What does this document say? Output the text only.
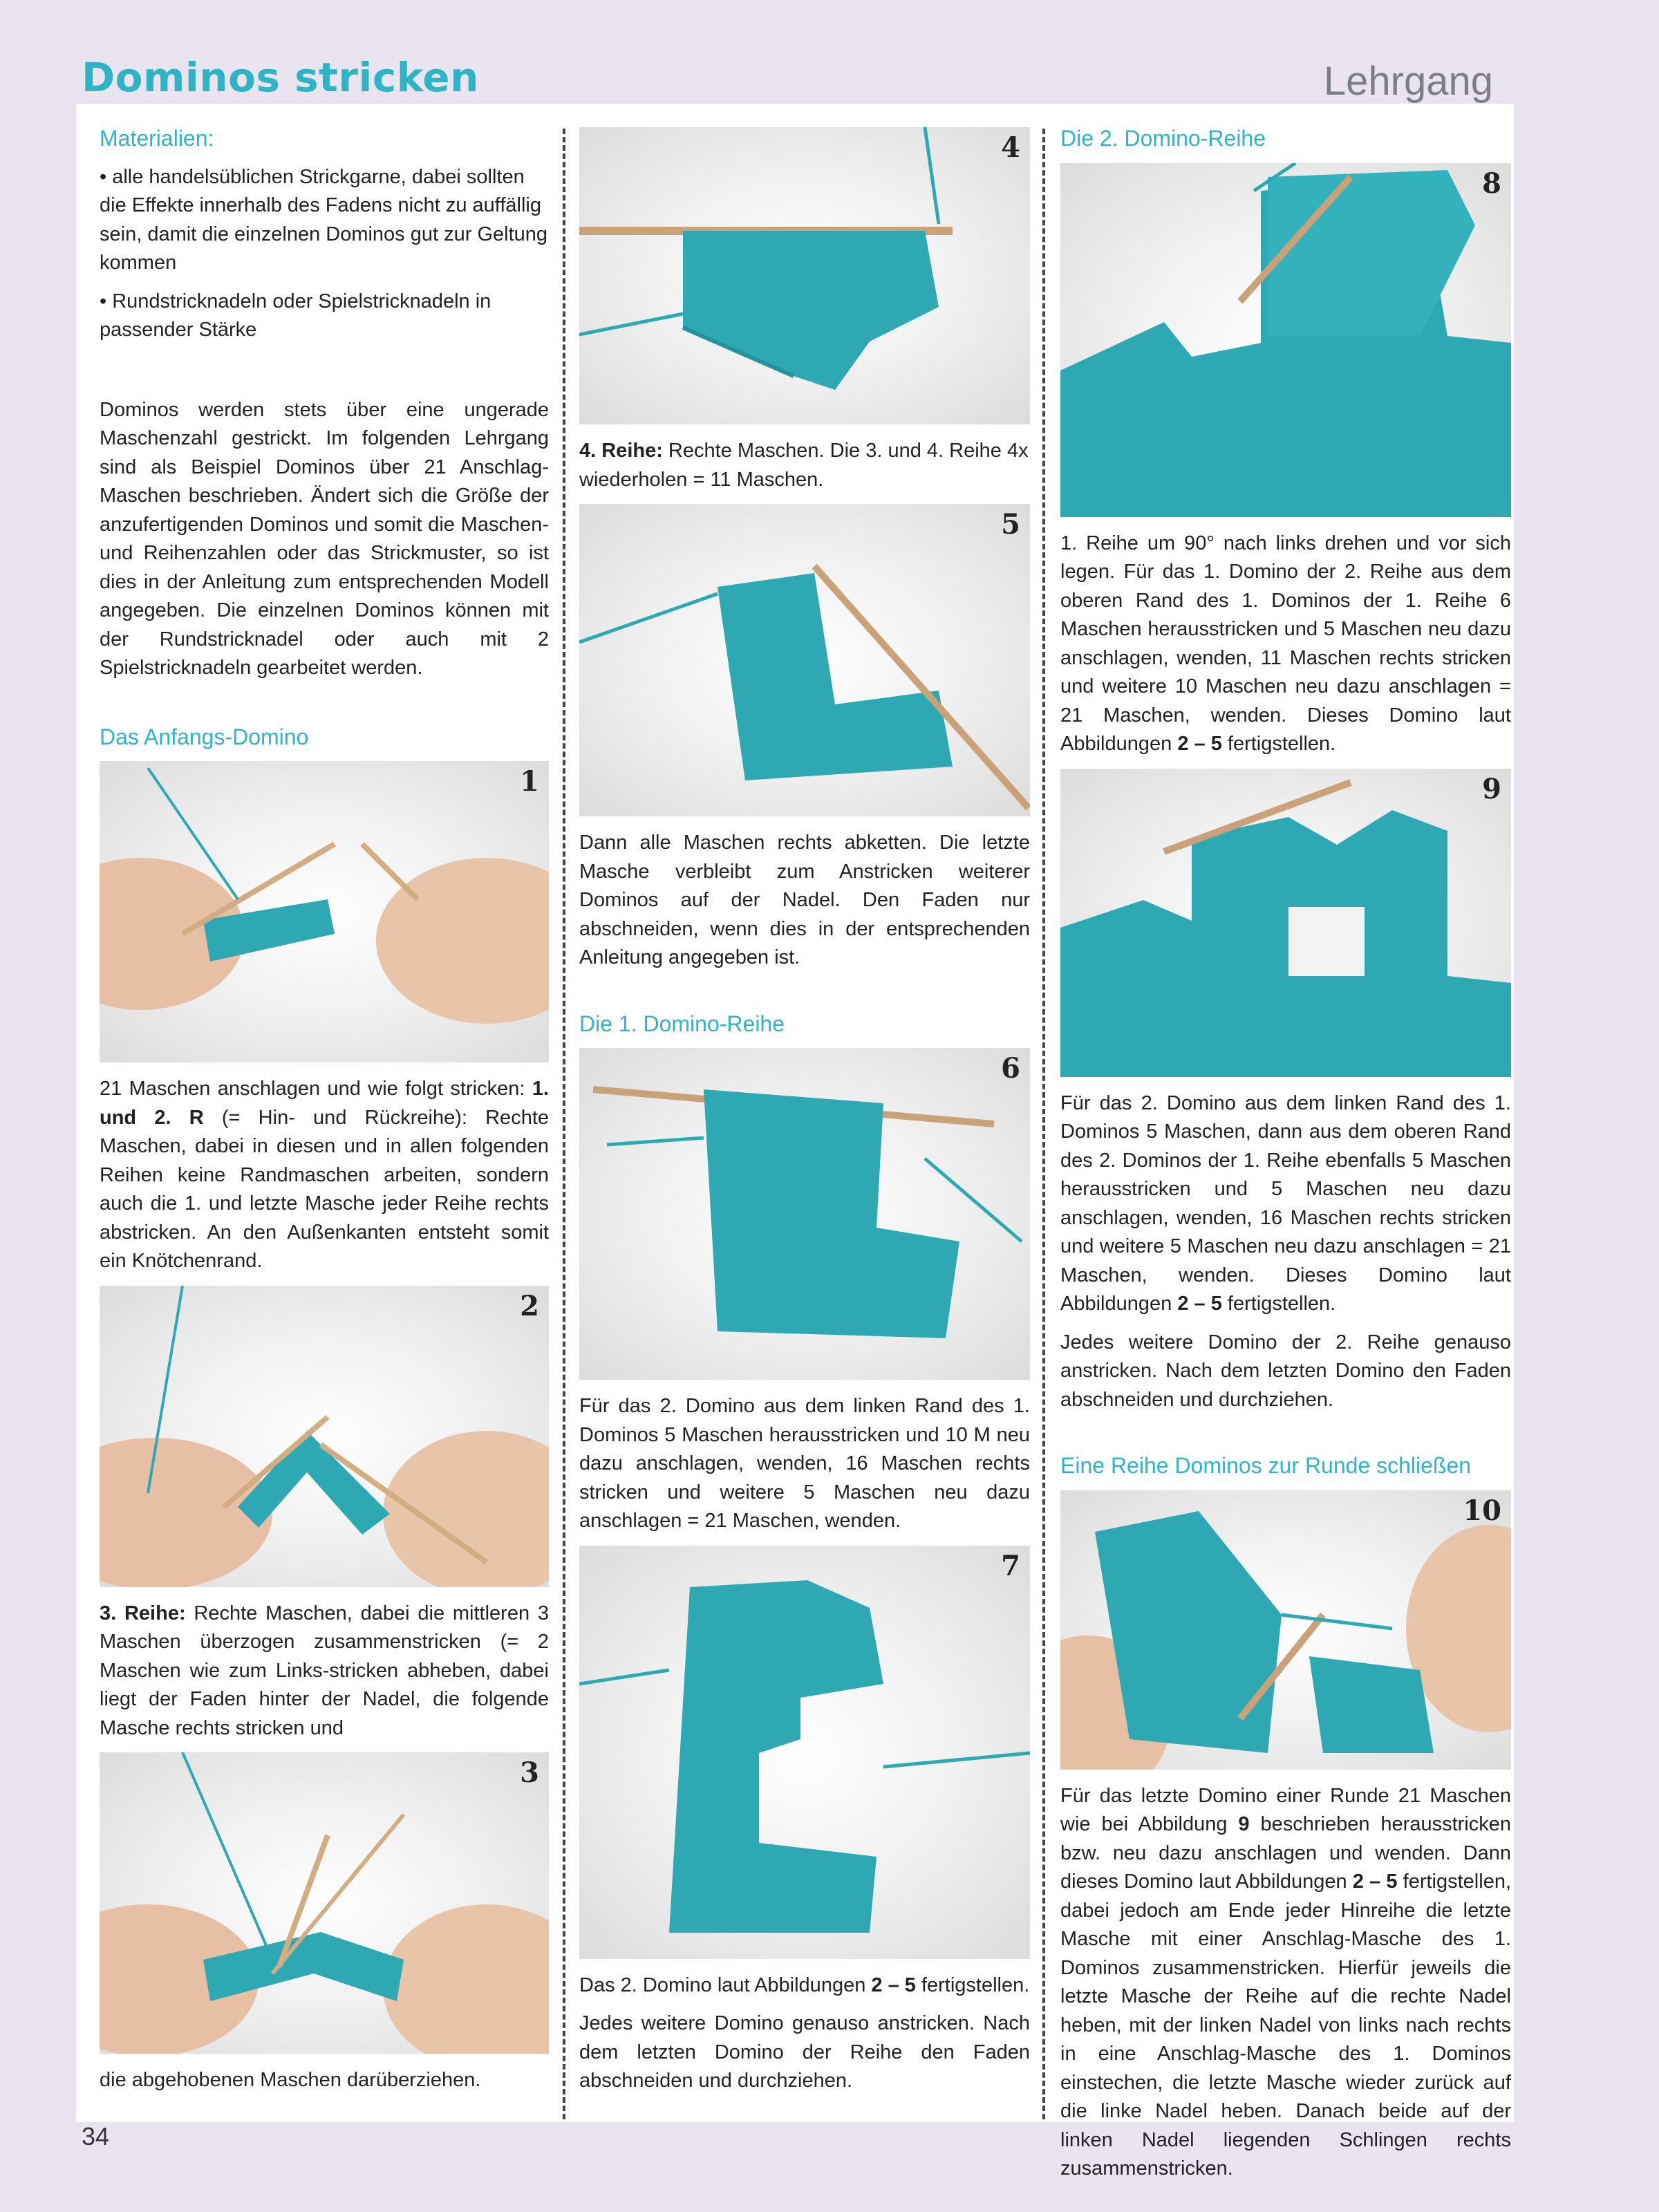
Dominos stricken	Lehrgang
Materialien:
• alle handelsüblichen Strickgarne, dabei sollten die Effekte innerhalb des Fadens nicht zu auffällig sein, damit die einzelnen Dominos gut zur Geltung kommen
• Rundstricknadeln oder Spielstricknadeln in passender Stärke
Dominos werden stets über eine ungerade Maschenzahl gestrickt. Im folgenden Lehrgang sind als Beispiel Dominos über 21 Anschlag-Maschen beschrieben. Ändert sich die Größe der anzufertigenden Dominos und somit die Maschen- und Reihenzahlen oder das Strickmuster, so ist dies in der Anleitung zum entsprechenden Modell angegeben. Die einzelnen Dominos können mit der Rundstricknadel oder auch mit 2 Spielstricknadeln gearbeitet werden.
Das Anfangs-Domino
1
21 Maschen anschlagen und wie folgt stricken: 1. und 2. R (= Hin- und Rückreihe): Rechte Maschen, dabei in diesen und in allen folgenden Reihen keine Randmaschen arbeiten, sondern auch die 1. und letzte Masche jeder Reihe rechts abstricken. An den Außenkanten entsteht somit ein Knötchenrand.
2
3. Reihe: Rechte Maschen, dabei die mittleren 3 Maschen überzogen zusammenstricken (= 2 Maschen wie zum Links-stricken abheben, dabei liegt der Faden hinter der Nadel, die folgende Masche rechts stricken und
3
die abgehobenen Maschen darüberziehen.
4
4. Reihe: Rechte Maschen. Die 3. und 4. Reihe 4x wiederholen = 11 Maschen.
5
Dann alle Maschen rechts abketten. Die letzte Masche verbleibt zum Anstricken weiterer Dominos auf der Nadel. Den Faden nur abschneiden, wenn dies in der entsprechenden Anleitung angegeben ist.
Die 1. Domino-Reihe
6
Für das 2. Domino aus dem linken Rand des 1. Dominos 5 Maschen herausstricken und 10 M neu dazu anschlagen, wenden, 16 Maschen rechts stricken und weitere 5 Maschen neu dazu anschlagen = 21 Maschen, wenden.
7
Das 2. Domino laut Abbildungen 2 – 5 fertigstellen.
Jedes weitere Domino genauso anstricken. Nach dem letzten Domino der Reihe den Faden abschneiden und durchziehen.
Die 2. Domino-Reihe
8
1. Reihe um 90° nach links drehen und vor sich legen. Für das 1. Domino der 2. Reihe aus dem oberen Rand des 1. Dominos der 1. Reihe 6 Maschen herausstricken und 5 Maschen neu dazu anschlagen, wenden, 11 Maschen rechts stricken und weitere 10 Maschen neu dazu anschlagen = 21 Maschen, wenden. Dieses Domino laut Abbildungen 2 – 5 fertigstellen.
9
Für das 2. Domino aus dem linken Rand des 1. Dominos 5 Maschen, dann aus dem oberen Rand des 2. Dominos der 1. Reihe ebenfalls 5 Maschen herausstricken und 5 Maschen neu dazu anschlagen, wenden, 16 Maschen rechts stricken und weitere 5 Maschen neu dazu anschlagen = 21 Maschen, wenden. Dieses Domino laut Abbildungen 2 – 5 fertigstellen.
Jedes weitere Domino der 2. Reihe genauso anstricken. Nach dem letzten Domino den Faden abschneiden und durchziehen.
Eine Reihe Dominos zur Runde schließen
10
Für das letzte Domino einer Runde 21 Maschen wie bei Abbildung 9 beschrieben herausstricken bzw. neu dazu anschlagen und wenden. Dann dieses Domino laut Abbildungen 2 – 5 fertigstellen, dabei jedoch am Ende jeder Hinreihe die letzte Masche mit einer Anschlag-Masche des 1. Dominos zusammenstricken. Hierfür jeweils die letzte Masche der Reihe auf die rechte Nadel heben, mit der linken Nadel von links nach rechts in eine Anschlag-Masche des 1. Dominos einstechen, die letzte Masche wieder zurück auf die linke Nadel heben. Danach beide auf der linken Nadel liegenden Schlingen rechts zusammenstricken.
34
